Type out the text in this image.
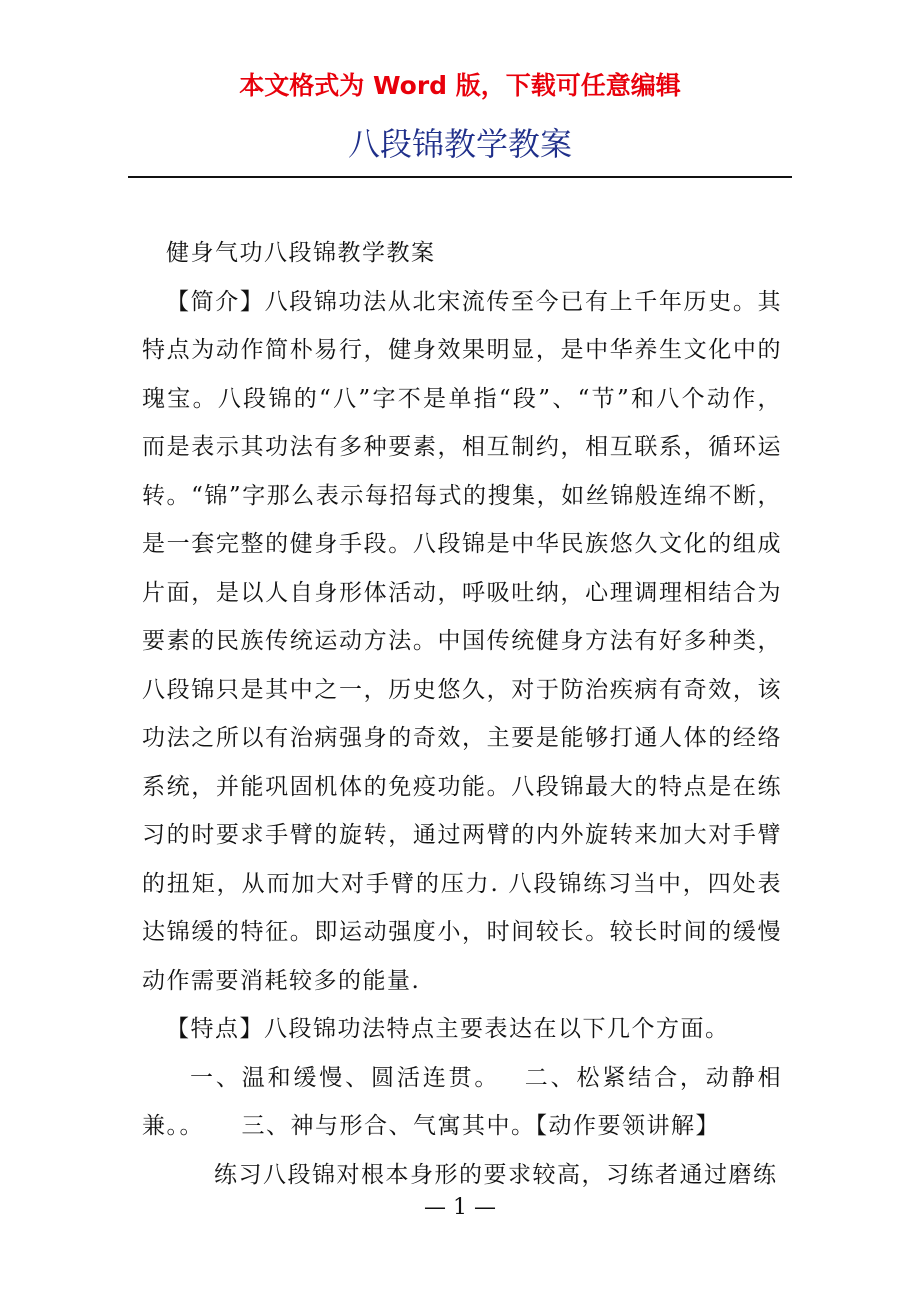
本文格式为 Word 版，下载可任意编辑
八段锦教学教案

健身气功八段锦教学教案

【简介】八段锦功法从北宋流传至今已有上千年历史。其特点为动作简朴易行，健身效果明显，是中华养生文化中的瑰宝。八段锦的“八”字不是单指“段”、“节”和八个动作，而是表示其功法有多种要素，相互制约，相互联系，循环运转。“锦”字那么表示每招每式的搜集，如丝锦般连绵不断，是一套完整的健身手段。八段锦是中华民族悠久文化的组成片面，是以人自身形体活动，呼吸吐纳，心理调理相结合为要素的民族传统运动方法。中国传统健身方法有好多种类，八段锦只是其中之一，历史悠久，对于防治疾病有奇效，该功法之所以有治病强身的奇效，主要是能够打通人体的经络系统，并能巩固机体的免疫功能。八段锦最大的特点是在练习的时要求手臂的旋转，通过两臂的内外旋转来加大对手臂的扭矩，从而加大对手臂的压力. 八段锦练习当中，四处表达锦缓的特征。即运动强度小，时间较长。较长时间的缓慢动作需要消耗较多的能量.

【特点】八段锦功法特点主要表达在以下几个方面。

一、温和缓慢、圆活连贯。　 二、松紧结合，动静相兼。。　　三、神与形合、气寓其中。【动作要领讲解】

练习八段锦对根本身形的要求较高，习练者通过磨练

— 1 —
